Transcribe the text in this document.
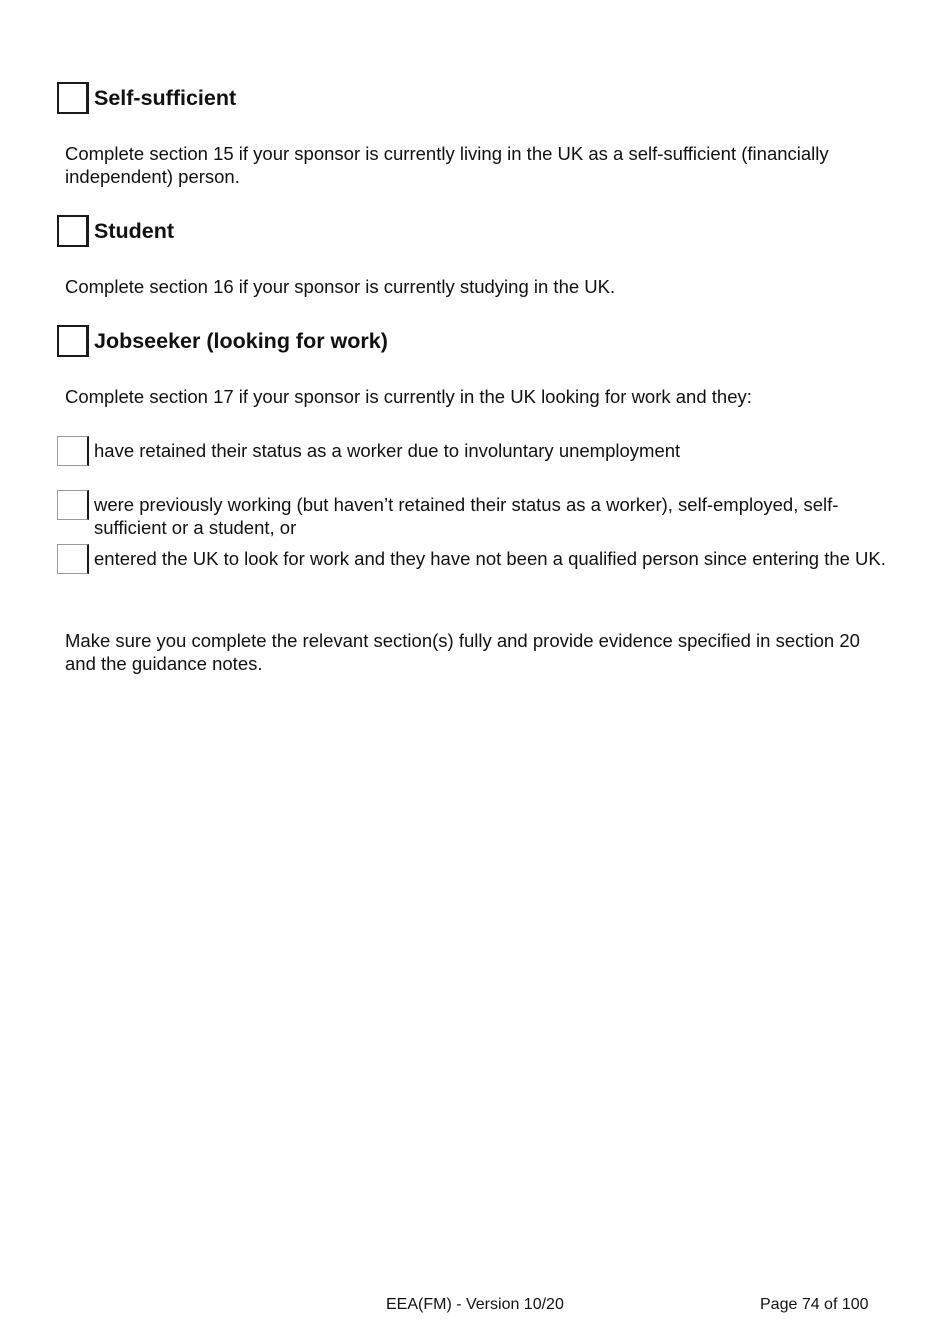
Self-sufficient
Complete section 15 if your sponsor is currently living in the UK as a self-sufficient (financially independent) person.
Student
Complete section 16 if your sponsor is currently studying in the UK.
Jobseeker (looking for work)
Complete section 17 if your sponsor is currently in the UK looking for work and they:
have retained their status as a worker due to involuntary unemployment
were previously working (but haven’t retained their status as a worker), self-employed, self-sufficient or a student, or
entered the UK to look for work and they have not been a qualified person since entering the UK.
Make sure you complete the relevant section(s) fully and provide evidence specified in section 20 and the guidance notes.
EEA(FM) - Version 10/20	Page 74 of 100
